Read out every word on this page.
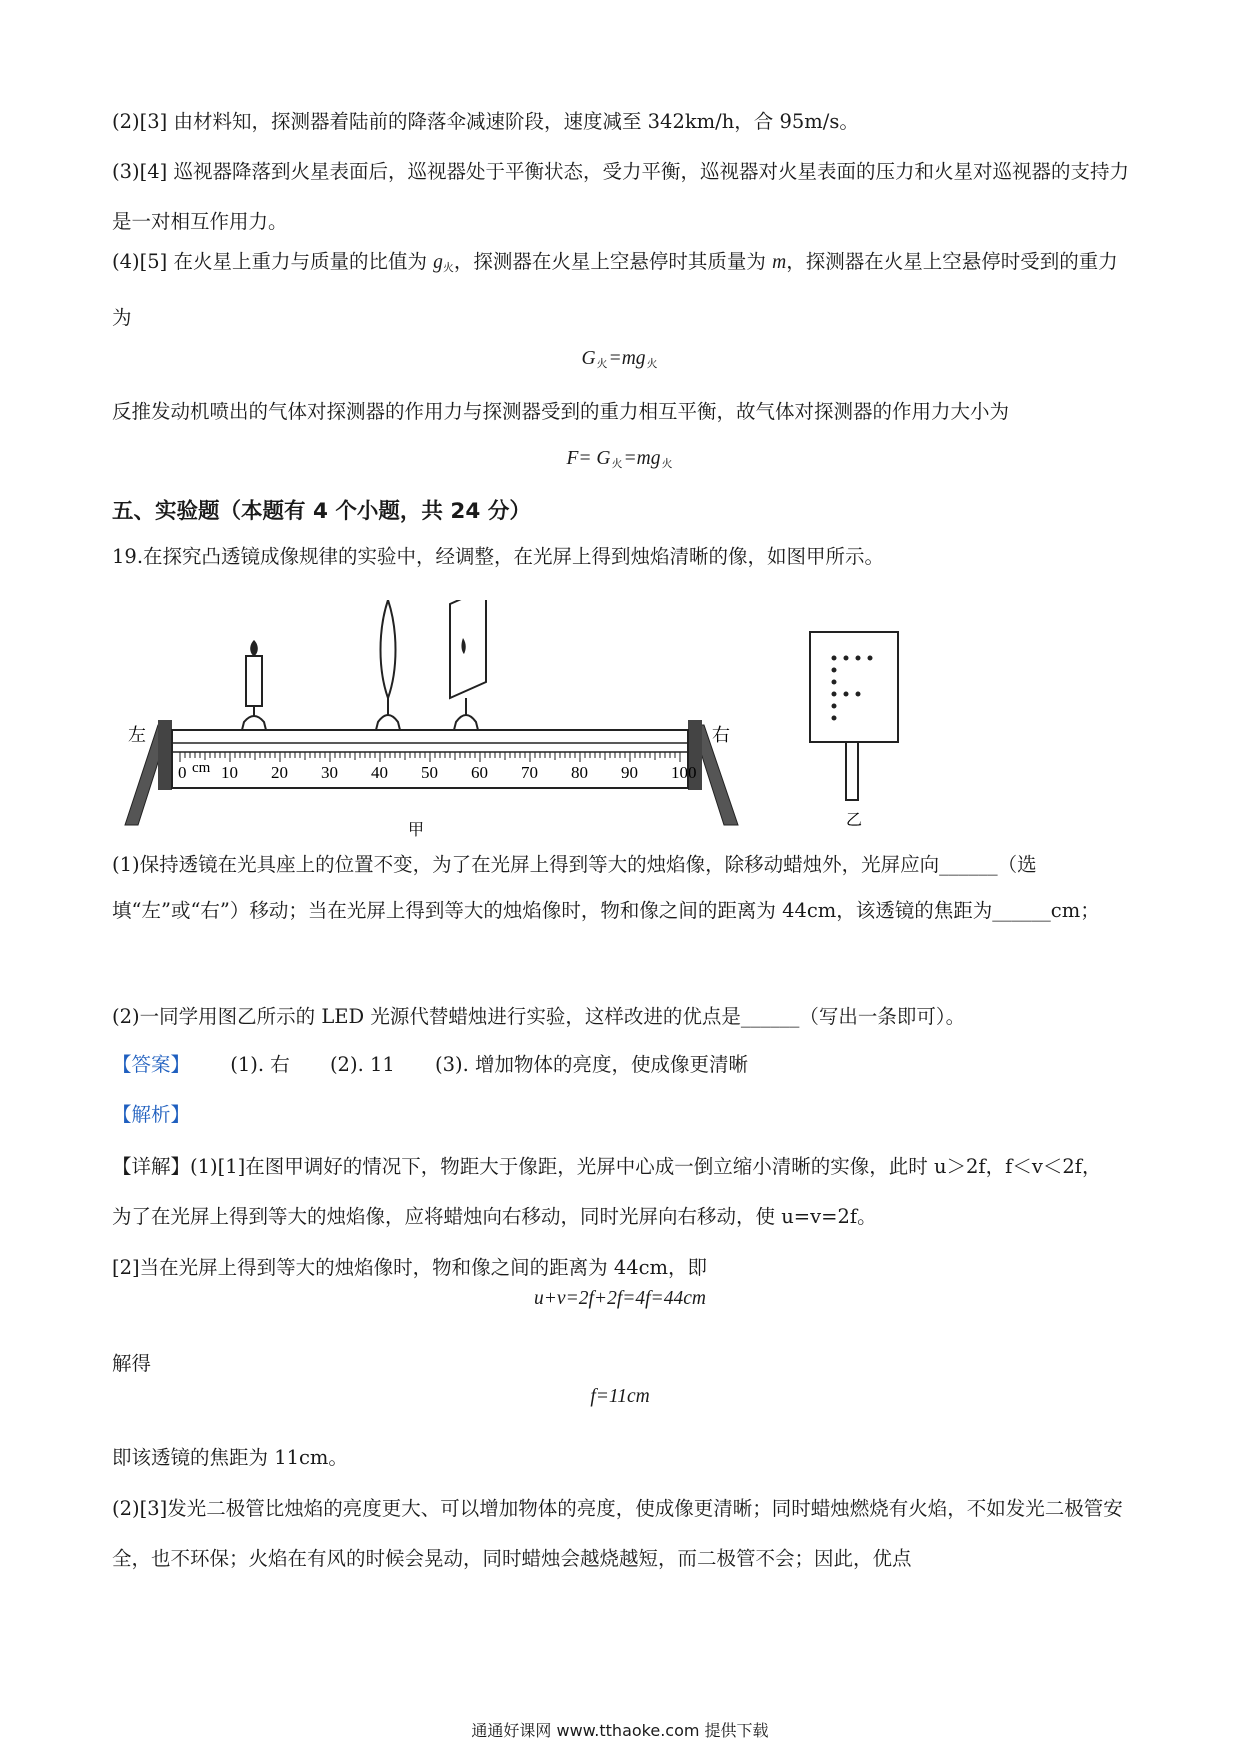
(2)[3] 由材料知，探测器着陆前的降落伞减速阶段，速度减至 342km/h，合 95m/s。
(3)[4] 巡视器降落到火星表面后，巡视器处于平衡状态，受力平衡，巡视器对火星表面的压力和火星对巡视器的支持力是一对相互作用力。
(4)[5] 在火星上重力与质量的比值为 g火，探测器在火星上空悬停时其质量为 m，探测器在火星上空悬停时受到的重力为
$G_火=mg_火$
反推发动机喷出的气体对探测器的作用力与探测器受到的重力相互平衡，故气体对探测器的作用力大小为
$F= G_火=mg_火$
五、实验题（本题有 4 个小题，共 24 分）
19.在探究凸透镜成像规律的实验中，经调整，在光屏上得到烛焰清晰的像，如图甲所示。
0 10 20 30 40 50 60 70 80 90 100
左	右
cm
甲
乙
(1)保持透镜在光具座上的位置不变，为了在光屏上得到等大的烛焰像，除移动蜡烛外，光屏应向______（选填“左”或“右”）移动；当在光屏上得到等大的烛焰像时，物和像之间的距离为 44cm，该透镜的焦距为______cm；
(2)一同学用图乙所示的 LED 光源代替蜡烛进行实验，这样改进的优点是______（写出一条即可）。
【答案】 (1). 右 (2). 11 (3). 增加物体的亮度，使成像更清晰
【解析】
【详解】(1)[1]在图甲调好的情况下，物距大于像距，光屏中心成一倒立缩小清晰的实像，此时 u＞2f，f＜v＜2f，
为了在光屏上得到等大的烛焰像，应将蜡烛向右移动，同时光屏向右移动，使 u=v=2f。
[2]当在光屏上得到等大的烛焰像时，物和像之间的距离为 44cm，即
u+v=2f+2f=4f=44cm
解得
f=11cm
即该透镜的焦距为 11cm。
(2)[3]发光二极管比烛焰的亮度更大、可以增加物体的亮度，使成像更清晰；同时蜡烛燃烧有火焰，不如发光二极管安全，也不环保；火焰在有风的时候会晃动，同时蜡烛会越烧越短，而二极管不会；因此，优点
通通好课网 www.tthaoke.com 提供下载
